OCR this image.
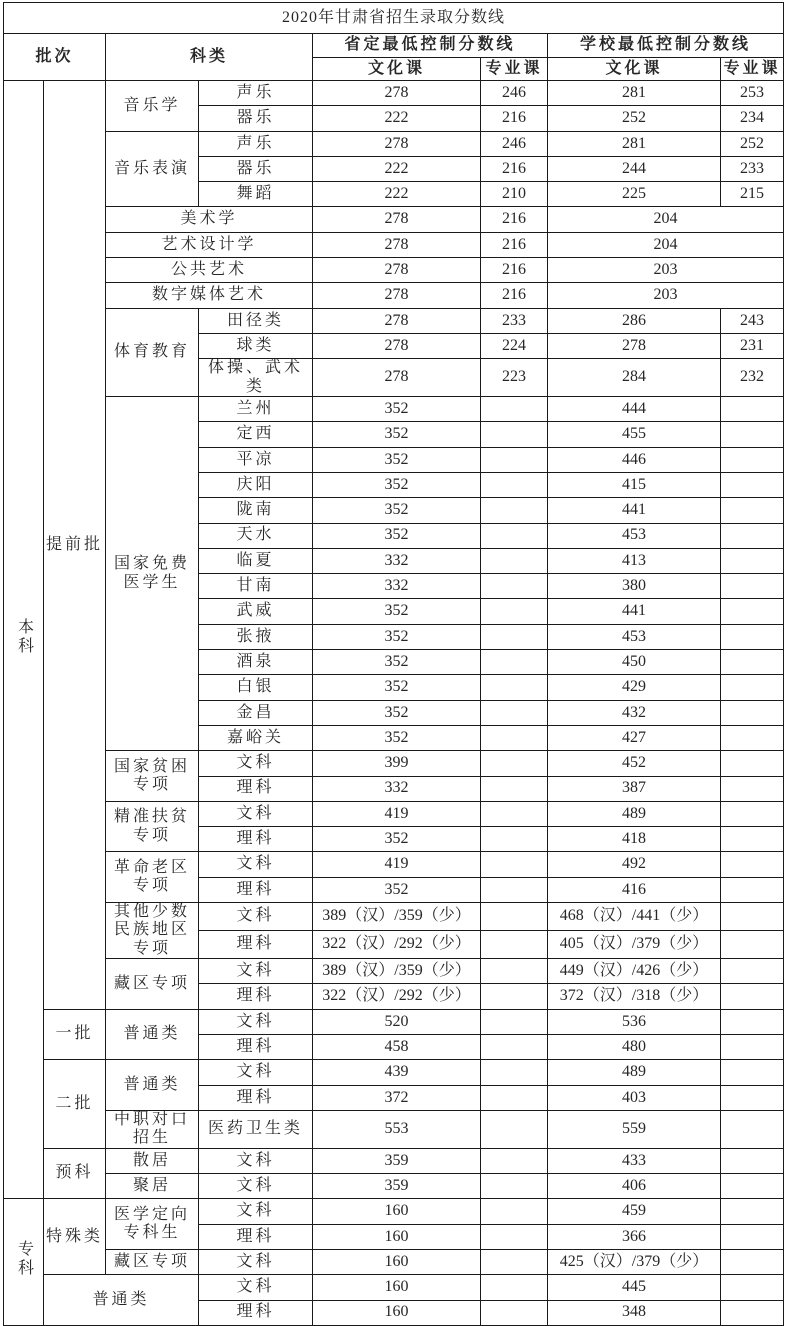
2020年甘肃省招生录取分数线							
批次		科类		省定最低控制分数线		学校最低控制分数线	
				文化课	专业课	文化课	专业课
本科	提前批	音乐学	声乐	278	246	281	253
			器乐	222	216	252	234
		音乐表演	声乐	278	246	281	252
			器乐	222	216	244	233
			舞蹈	222	210	225	215
		美术学		278	216	204	
		艺术设计学		278	216	204	
		公共艺术		278	216	203	
		数字媒体艺术		278	216	203	
		体育教育	田径类	278	233	286	243
			球类	278	224	278	231
			体操、武术类	278	223	284	232
		国家免费医学生	兰州	352		444	
			定西	352		455	
			平凉	352		446	
			庆阳	352		415	
			陇南	352		441	
			天水	352		453	
			临夏	332		413	
			甘南	332		380	
			武威	352		441	
			张掖	352		453	
			酒泉	352		450	
			白银	352		429	
			金昌	352		432	
			嘉峪关	352		427	
		国家贫困专项	文科	399		452	
			理科	332		387	
		精准扶贫专项	文科	419		489	
			理科	352		418	
		革命老区专项	文科	419		492	
			理科	352		416	
		其他少数民族地区专项	文科	389（汉）/359（少）		468（汉）/441（少）	
			理科	322（汉）/292（少）		405（汉）/379（少）	
		藏区专项	文科	389（汉）/359（少）		449（汉）/426（少）	
			理科	322（汉）/292（少）		372（汉）/318（少）	
	一批	普通类	文科	520		536	
			理科	458		480	
	二批	普通类	文科	439		489	
			理科	372		403	
		中职对口招生	医药卫生类	553		559	
	预科	散居	文科	359		433	
		聚居	文科	359		406	
专科	特殊类	医学定向专科生	文科	160		459	
			理科	160		366	
		藏区专项	文科	160		425（汉）/379（少）	
	普通类		文科	160		445	
			理科	160		348	
